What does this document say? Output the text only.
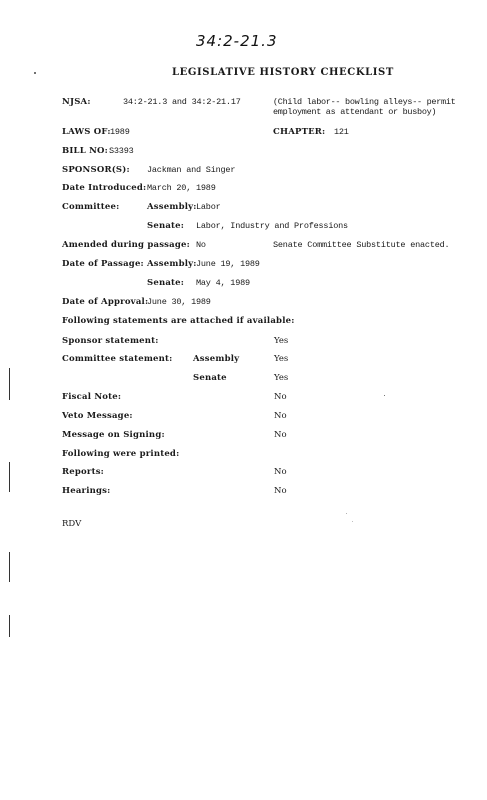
34:2-21.3
LEGISLATIVE HISTORY CHECKLIST
NJSA:	34:2-21.3 and 34:2-21.17	(Child labor-- bowling alleys-- permit
employment as attendant or busboy)
LAWS OF: 1989	CHAPTER: 121
BILL NO: S3393
SPONSOR(S): Jackman and Singer
Date Introduced: March 20, 1989
Committee:	Assembly: Labor
Senate: Labor, Industry and Professions
Amended during passage: No	Senate Committee Substitute enacted.
Date of Passage: Assembly: June 19, 1989
Senate: May 4, 1989
Date of Approval:
June 30, 1989
Following statements are attached if available:
Sponsor statement:	Yes
Committee statement: Assembly	Yes
Senate	Yes
Fiscal Note:	No
Veto Message:	No
Message on Signing:	No
Following were printed:
Reports:	No
Hearings:	No
RDV
